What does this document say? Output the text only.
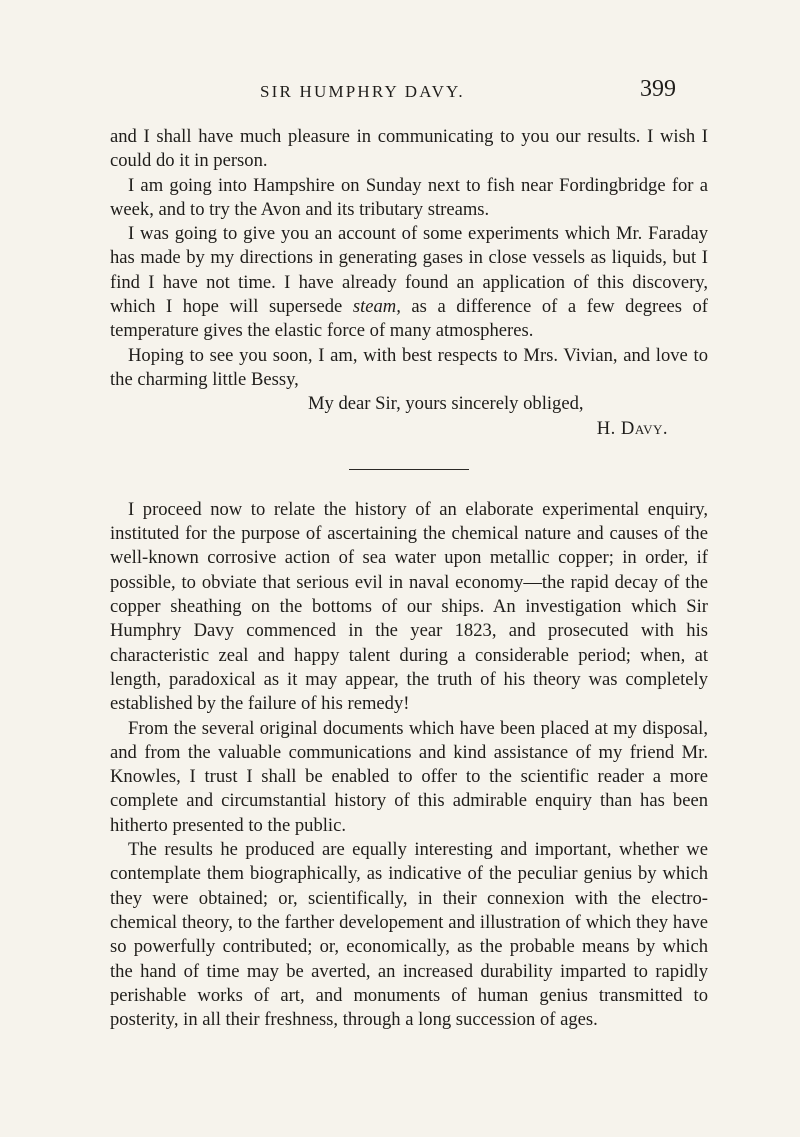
SIR HUMPHRY DAVY.	399

and I shall have much pleasure in communicating to you our results. I wish I could do it in person.

I am going into Hampshire on Sunday next to fish near Fordingbridge for a week, and to try the Avon and its tributary streams.

I was going to give you an account of some experiments which Mr. Faraday has made by my directions in generating gases in close vessels as liquids, but I find I have not time. I have already found an application of this discovery, which I hope will supersede steam, as a difference of a few degrees of temperature gives the elastic force of many atmospheres.

Hoping to see you soon, I am, with best respects to Mrs. Vivian, and love to the charming little Bessy,

My dear Sir, yours sincerely obliged,

H. Davy.

I proceed now to relate the history of an elaborate experimental enquiry, instituted for the purpose of ascertaining the chemical nature and causes of the well-known corrosive action of sea water upon metallic copper; in order, if possible, to obviate that serious evil in naval economy—the rapid decay of the copper sheathing on the bottoms of our ships. An investigation which Sir Humphry Davy commenced in the year 1823, and prosecuted with his characteristic zeal and happy talent during a considerable period; when, at length, paradoxical as it may appear, the truth of his theory was completely established by the failure of his remedy!

From the several original documents which have been placed at my disposal, and from the valuable communications and kind assistance of my friend Mr. Knowles, I trust I shall be enabled to offer to the scientific reader a more complete and circumstantial history of this admirable enquiry than has been hitherto presented to the public.

The results he produced are equally interesting and important, whether we contemplate them biographically, as indicative of the peculiar genius by which they were obtained; or, scientifically, in their connexion with the electro-chemical theory, to the farther developement and illustration of which they have so powerfully contributed; or, economically, as the probable means by which the hand of time may be averted, an increased durability imparted to rapidly perishable works of art, and monuments of human genius transmitted to posterity, in all their freshness, through a long succession of ages.
